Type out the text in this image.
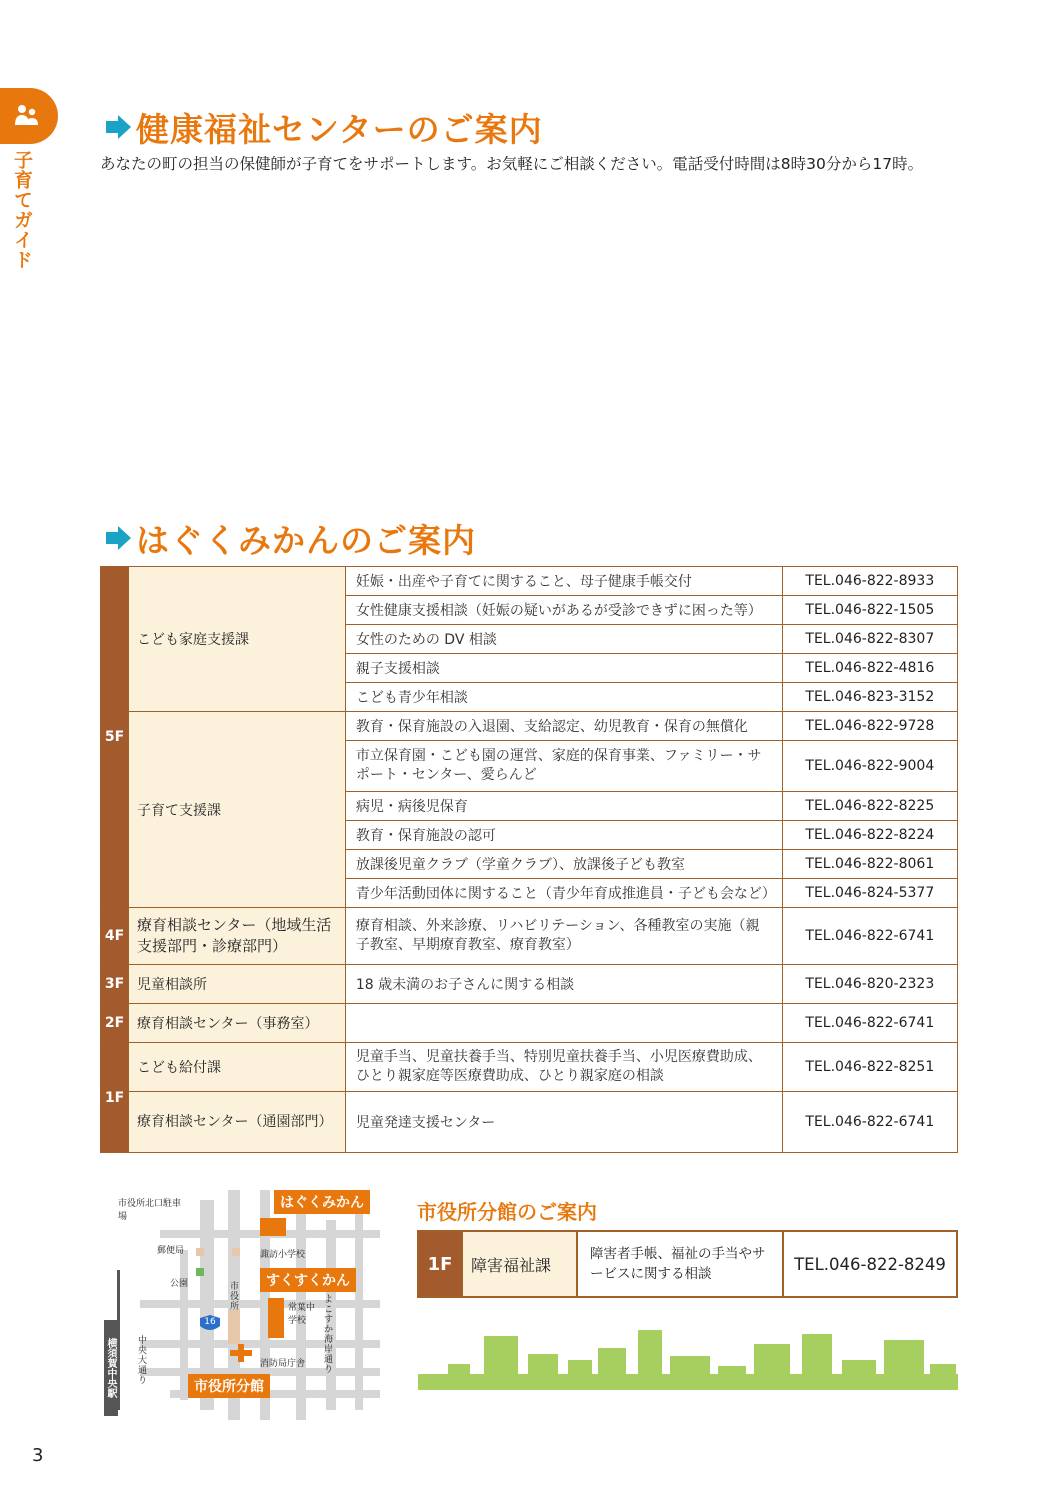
子育てガイド
健康福祉センターのご案内
あなたの町の担当の保健師が子育てをサポートします。お気軽にご相談ください。電話受付時間は8時30分から17時。
はぐくみかんのご案内
5F	こども家庭支援課	妊娠・出産や子育てに関すること、母子健康手帳交付	TEL.046-822-8933
		女性健康支援相談（妊娠の疑いがあるが受診できずに困った等）	TEL.046-822-1505
		女性のための DV 相談	TEL.046-822-8307
		親子支援相談	TEL.046-822-4816
		こども青少年相談	TEL.046-823-3152
	子育て支援課	教育・保育施設の入退園、支給認定、幼児教育・保育の無償化	TEL.046-822-9728
		市立保育園・こども園の運営、家庭的保育事業、ファミリー・サポート・センター、愛らんど	TEL.046-822-9004
		病児・病後児保育	TEL.046-822-8225
		教育・保育施設の認可	TEL.046-822-8224
		放課後児童クラブ（学童クラブ）、放課後子ども教室	TEL.046-822-8061
		青少年活動団体に関すること（青少年育成推進員・子ども会など）	TEL.046-824-5377
4F	療育相談センター（地域生活支援部門・診療部門）	療育相談、外来診療、リハビリテーション、各種教室の実施（親子教室、早期療育教室、療育教室）	TEL.046-822-6741
3F	児童相談所	18 歳未満のお子さんに関する相談	TEL.046-820-2323
2F	療育相談センター（事務室）		TEL.046-822-6741
1F	こども給付課	児童手当、児童扶養手当、特別児童扶養手当、小児医療費助成、ひとり親家庭等医療費助成、ひとり親家庭の相談	TEL.046-822-8251
	療育相談センター（通園部門）	児童発達支援センター	TEL.046-822-6741
はぐくみかん
すくすくかん
市役所分館
市役所北口駐車場
郵便局	諏訪小学校
公園	市役所	常葉中学校
よこすか海岸通り
消防局庁舎
横須賀中央駅 中央大通り
16
市役所分館のご案内
1F	障害福祉課	障害者手帳、福祉の手当やサービスに関する相談	TEL.046-822-8249
3
